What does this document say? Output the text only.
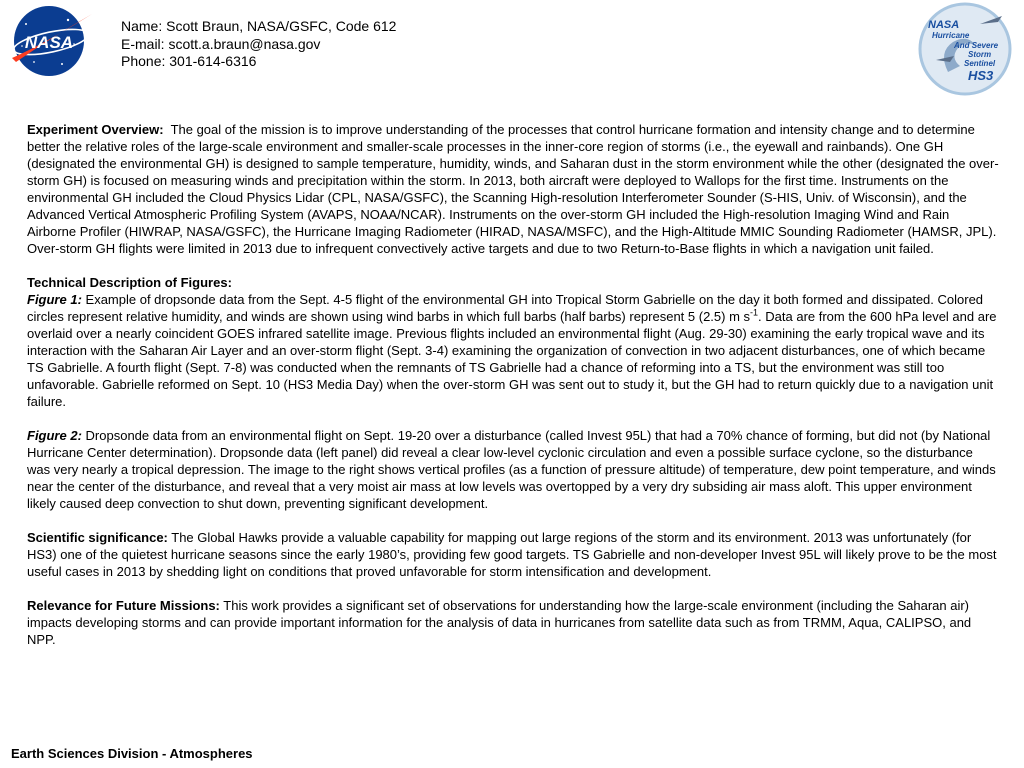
NASA
NASA
Hurricane
And Severe
Storm
Sentinel
HS3
Name: Scott Braun, NASA/GSFC, Code 612
E-mail: scott.a.braun@nasa.gov
Phone: 301-614-6316

Experiment Overview: The goal of the mission is to improve understanding of the processes that control hurricane formation and intensity change and to determine better the relative roles of the large-scale environment and smaller-scale processes in the inner-core region of storms (i.e., the eyewall and rainbands). One GH (designated the environmental GH) is designed to sample temperature, humidity, winds, and Saharan dust in the storm environment while the other (designated the over-storm GH) is focused on measuring winds and precipitation within the storm. In 2013, both aircraft were deployed to Wallops for the first time. Instruments on the environmental GH included the Cloud Physics Lidar (CPL, NASA/GSFC), the Scanning High-resolution Interferometer Sounder (S-HIS, Univ. of Wisconsin), and the Advanced Vertical Atmospheric Profiling System (AVAPS, NOAA/NCAR). Instruments on the over-storm GH included the High-resolution Imaging Wind and Rain Airborne Profiler (HIWRAP, NASA/GSFC), the Hurricane Imaging Radiometer (HIRAD, NASA/MSFC), and the High-Altitude MMIC Sounding Radiometer (HAMSR, JPL). Over-storm GH flights were limited in 2013 due to infrequent convectively active targets and due to two Return-to-Base flights in which a navigation unit failed.

Technical Description of Figures:
Figure 1: Example of dropsonde data from the Sept. 4-5 flight of the environmental GH into Tropical Storm Gabrielle on the day it both formed and dissipated. Colored circles represent relative humidity, and winds are shown using wind barbs in which full barbs (half barbs) represent 5 (2.5) m $s^{-1}$. Data are from the 600 hPa level and are overlaid over a nearly coincident GOES infrared satellite image. Previous flights included an environmental flight (Aug. 29-30) examining the early tropical wave and its interaction with the Saharan Air Layer and an over-storm flight (Sept. 3-4) examining the organization of convection in two adjacent disturbances, one of which became TS Gabrielle. A fourth flight (Sept. 7-8) was conducted when the remnants of TS Gabrielle had a chance of reforming into a TS, but the environment was still too unfavorable. Gabrielle reformed on Sept. 10 (HS3 Media Day) when the over-storm GH was sent out to study it, but the GH had to return quickly due to a navigation unit failure.

Figure 2: Dropsonde data from an environmental flight on Sept. 19-20 over a disturbance (called Invest 95L) that had a 70% chance of forming, but did not (by National Hurricane Center determination). Dropsonde data (left panel) did reveal a clear low-level cyclonic circulation and even a possible surface cyclone, so the disturbance was very nearly a tropical depression. The image to the right shows vertical profiles (as a function of pressure altitude) of temperature, dew point temperature, and winds near the center of the disturbance, and reveal that a very moist air mass at low levels was overtopped by a very dry subsiding air mass aloft. This upper environment likely caused deep convection to shut down, preventing significant development.

Scientific significance: The Global Hawks provide a valuable capability for mapping out large regions of the storm and its environment. 2013 was unfortunately (for HS3) one of the quietest hurricane seasons since the early 1980’s, providing few good targets. TS Gabrielle and non-developer Invest 95L will likely prove to be the most useful cases in 2013 by shedding light on conditions that proved unfavorable for storm intensification and development.

Relevance for Future Missions: This work provides a significant set of observations for understanding how the large-scale environment (including the Saharan air) impacts developing storms and can provide important information for the analysis of data in hurricanes from satellite data such as from TRMM, Aqua, CALIPSO, and NPP.

Earth Sciences Division - Atmospheres
